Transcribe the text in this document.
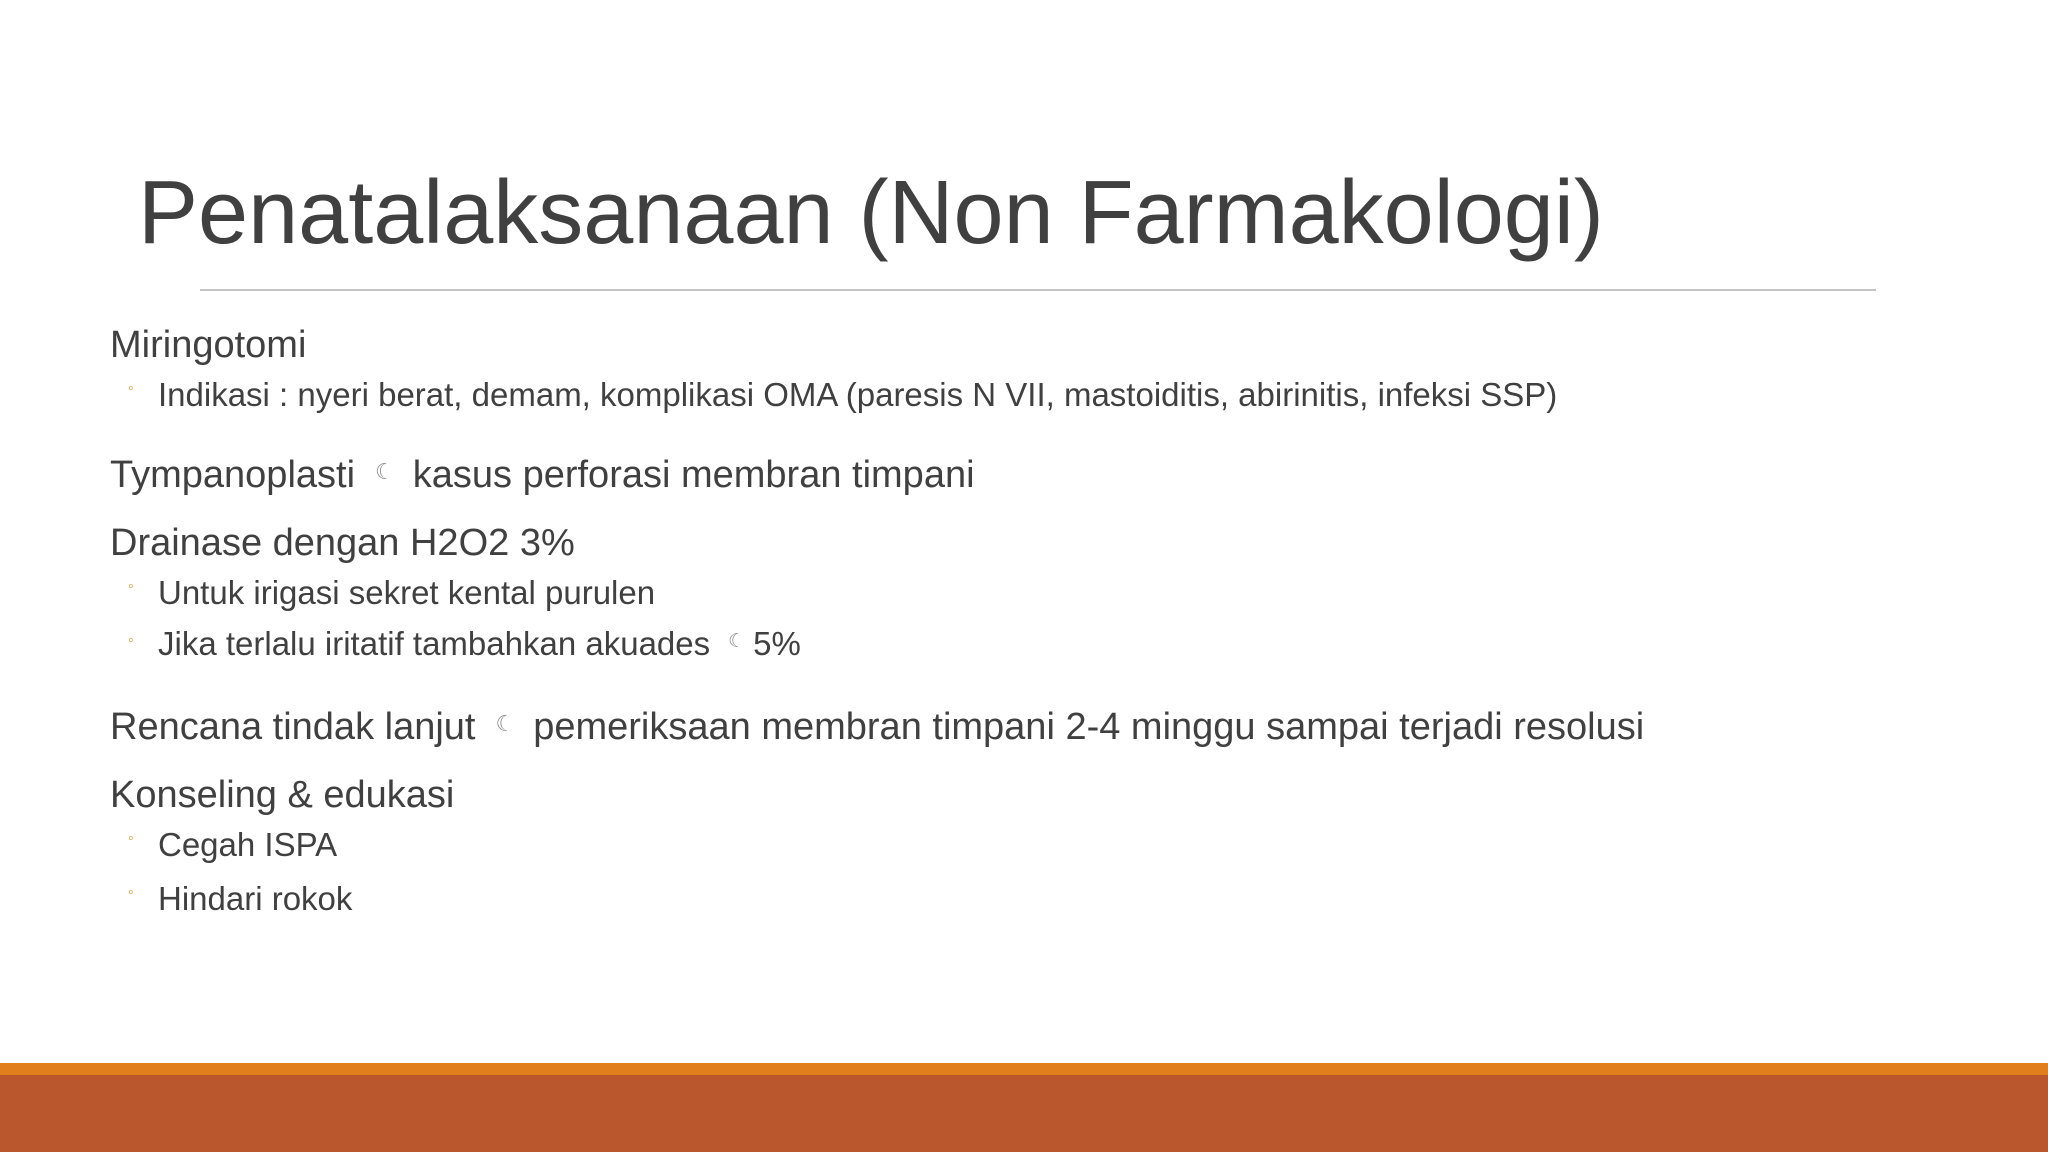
Penatalaksanaan (Non Farmakologi)
Miringotomi
◦ Indikasi : nyeri berat, demam, komplikasi OMA (paresis N VII, mastoiditis, abirinitis, infeksi SSP)
Tympanoplasti ☾ kasus perforasi membran timpani
Drainase dengan H2O2 3%
◦ Untuk irigasi sekret kental purulen
◦ Jika terlalu iritatif tambahkan akuades ☾ 5%
Rencana tindak lanjut ☾ pemeriksaan membran timpani 2-4 minggu sampai terjadi resolusi
Konseling & edukasi
◦ Cegah ISPA
◦ Hindari rokok
